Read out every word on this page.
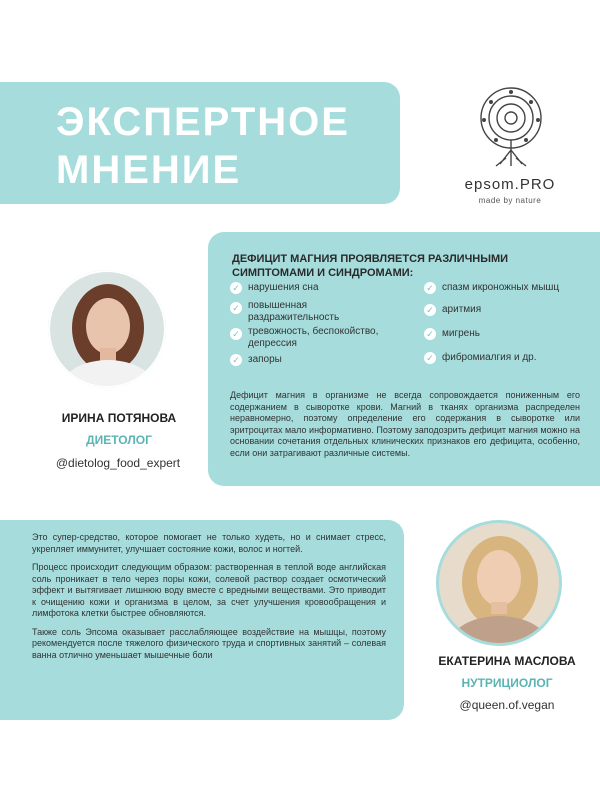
ЭКСПЕРТНОЕ
МНЕНИЕ	epsom.PRO
made by nature
ДЕФИЦИТ МАГНИЯ ПРОЯВЛЯЕТСЯ РАЗЛИЧНЫМИ СИМПТОМАМИ И СИНДРОМАМИ:
✓ нарушения сна
✓ повышенная раздражительность
✓ тревожность, беспокойство, депрессия
✓ запоры
✓ спазм икроножных мышц
✓ аритмия
✓ мигрень
✓ фибромиалгия и др.
Дефицит магния в организме не всегда сопровождается пониженным его содержанием в сыворотке крови. Магний в тканях организма распределен неравномерно, поэтому определение его содержания в сыворотке или эритроцитах мало информативно. Поэтому заподозрить дефицит магния можно на основании сочетания отдельных клинических признаков его дефицита, особенно, если они затрагивают различные системы.
ИРИНА ПОТЯНОВА
ДИЕТОЛОГ
@dietolog_food_expert

Это супер-средство, которое помогает не только худеть, но и снимает стресс, укрепляет иммунитет, улучшает состояние кожи, волос и ногтей.

Процесс происходит следующим образом: растворенная в теплой воде английская соль проникает в тело через поры кожи, солевой раствор создает осмотический эффект и вытягивает лишнюю воду вместе с вредными веществами. Это приводит к очищению кожи и организма в целом, за счет улучшения кровообращения и лимфотока клетки быстрее обновляются.

Также соль Эпсома оказывает расслабляющее воздействие на мышцы, поэтому рекомендуется после тяжелого физического труда и спортивных занятий – солевая ванна отлично уменьшает мышечные боли	ЕКАТЕРИНА МАСЛОВА
НУТРИЦИОЛОГ
@queen.of.vegan
